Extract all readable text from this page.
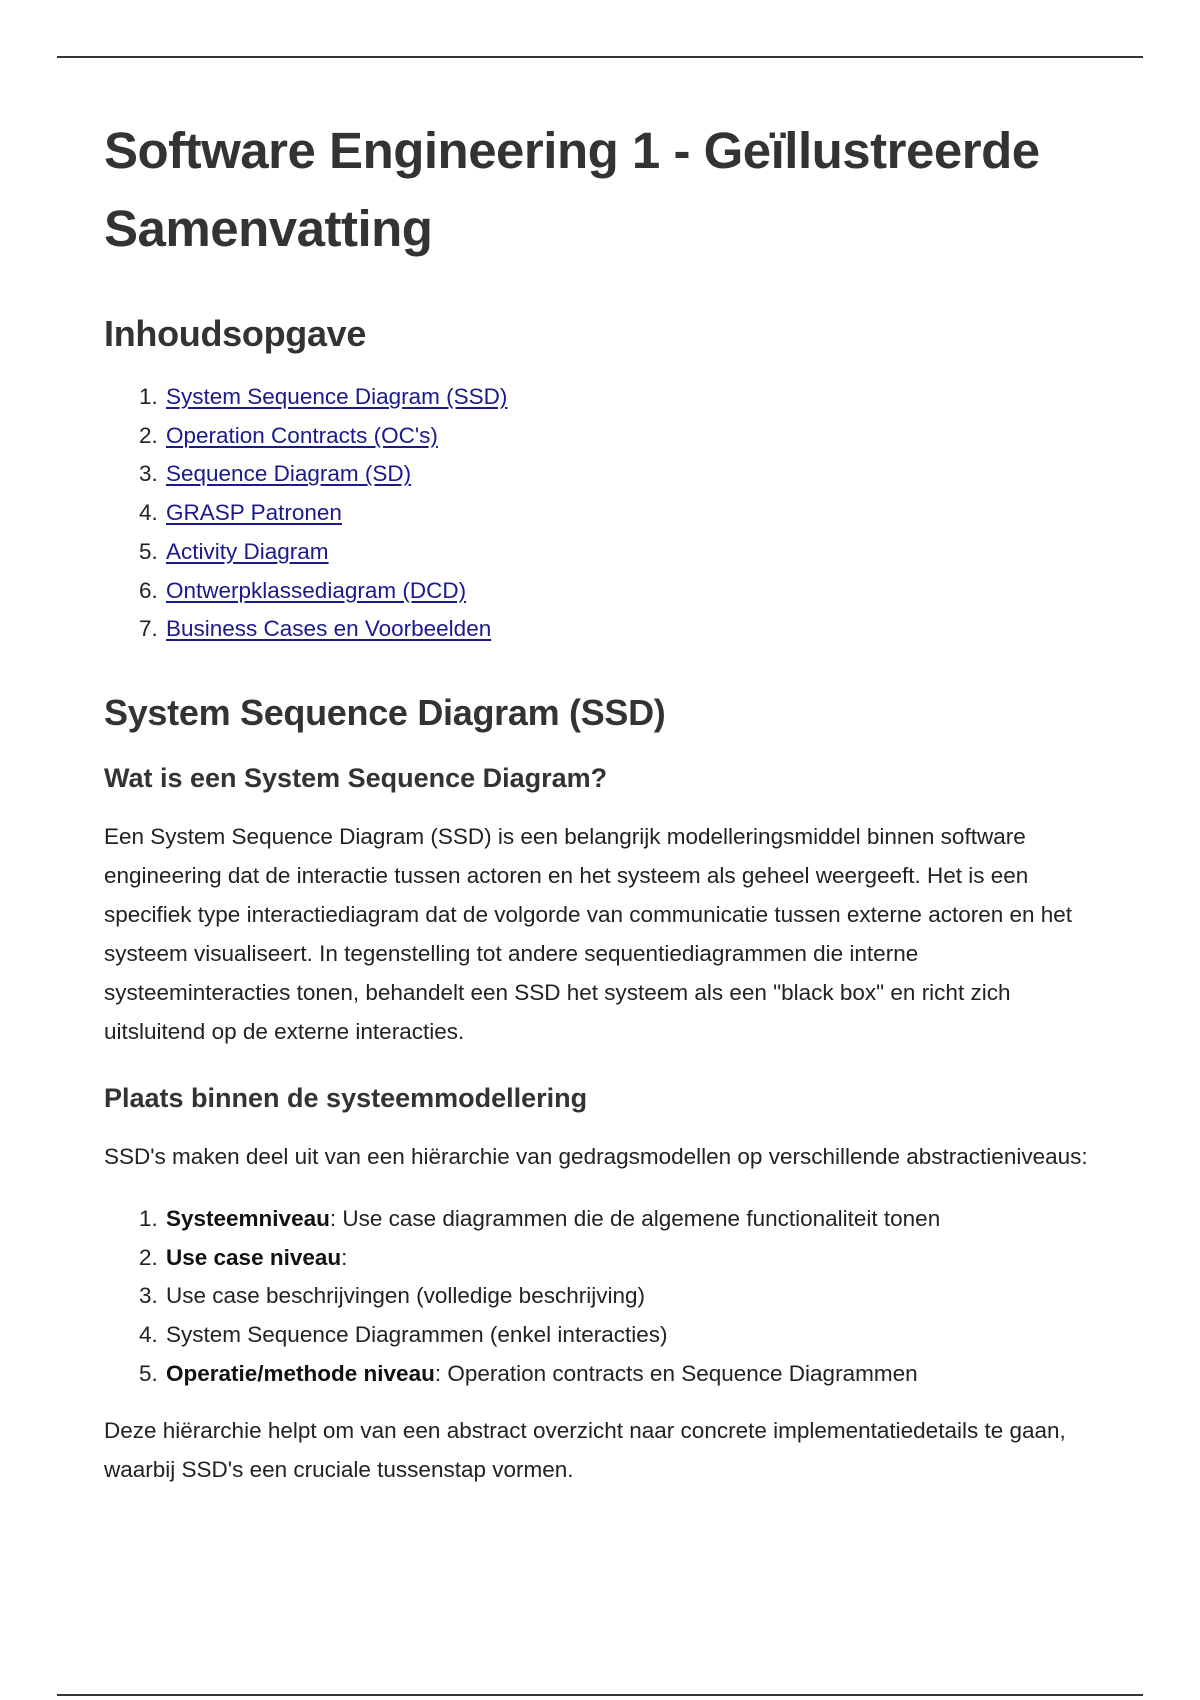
Software Engineering 1 - Geïllustreerde Samenvatting
Inhoudsopgave
1. System Sequence Diagram (SSD)
2. Operation Contracts (OC's)
3. Sequence Diagram (SD)
4. GRASP Patronen
5. Activity Diagram
6. Ontwerpklassediagram (DCD)
7. Business Cases en Voorbeelden
System Sequence Diagram (SSD)
Wat is een System Sequence Diagram?

Een System Sequence Diagram (SSD) is een belangrijk modelleringsmiddel binnen software engineering dat de interactie tussen actoren en het systeem als geheel weergeeft. Het is een specifiek type interactiediagram dat de volgorde van communicatie tussen externe actoren en het systeem visualiseert. In tegenstelling tot andere sequentiediagrammen die interne systeeminteracties tonen, behandelt een SSD het systeem als een "black box" en richt zich uitsluitend op de externe interacties.

Plaats binnen de systeemmodellering

SSD's maken deel uit van een hiërarchie van gedragsmodellen op verschillende abstractieniveaus:

1. Systeemniveau: Use case diagrammen die de algemene functionaliteit tonen
2. Use case niveau:
3. Use case beschrijvingen (volledige beschrijving)
4. System Sequence Diagrammen (enkel interacties)
5. Operatie/methode niveau: Operation contracts en Sequence Diagrammen

Deze hiërarchie helpt om van een abstract overzicht naar concrete implementatiedetails te gaan, waarbij SSD's een cruciale tussenstap vormen.
